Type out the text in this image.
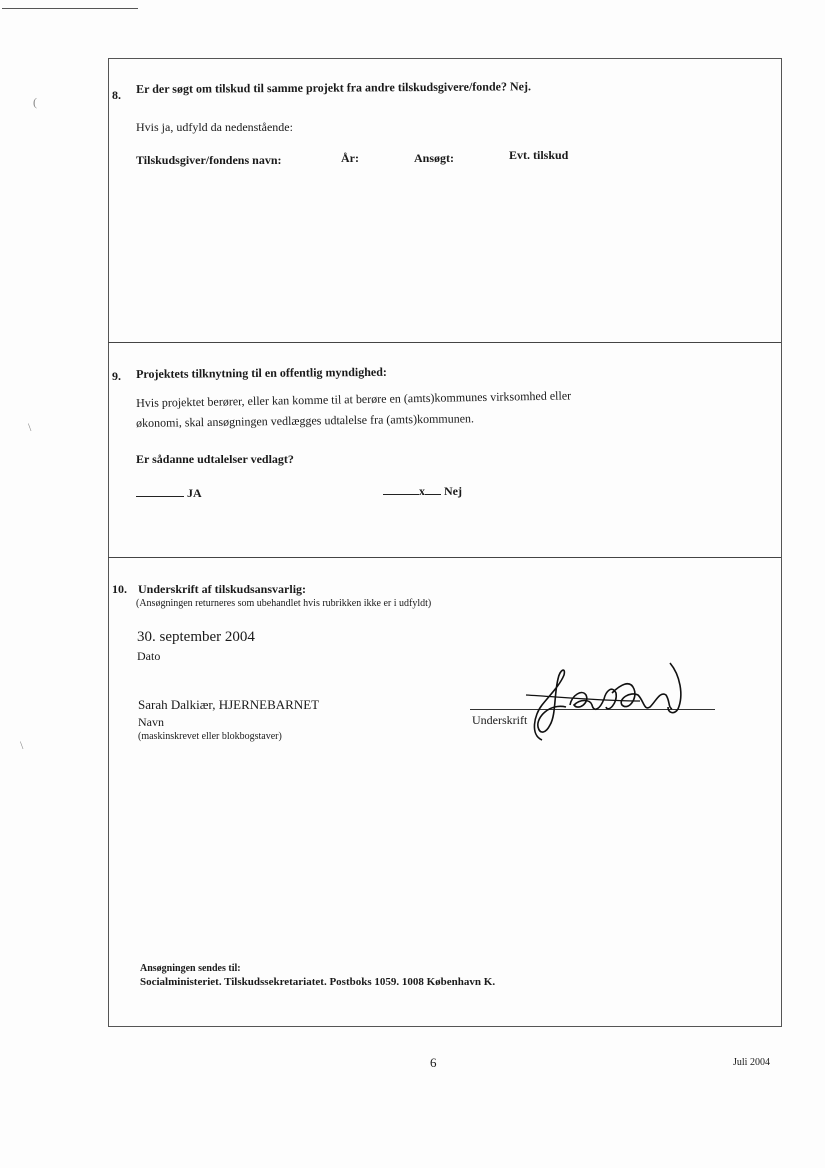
(
\
\
8. Er der søgt om tilskud til samme projekt fra andre tilskudsgivere/fonde? Nej.
Hvis ja, udfyld da nedenstående:
Tilskudsgiver/fondens navn:	År:	Ansøgt:	Evt. tilskud
9. Projektets tilknytning til en offentlig myndighed:
Hvis projektet berører, eller kan komme til at berøre en (amts)kommunes virksomhed eller
økonomi, skal ansøgningen vedlægges udtalelse fra (amts)kommunen.
Er sådanne udtalelser vedlagt?
JA	x Nej
10. Underskrift af tilskudsansvarlig:
(Ansøgningen returneres som ubehandlet hvis rubrikken ikke er i udfyldt)
30. september 2004
Dato
Sarah Dalkiær, HJERNEBARNET
Navn
(maskinskrevet eller blokbogstaver)
Underskrift
Ansøgningen sendes til:
Socialministeriet. Tilskudssekretariatet. Postboks 1059. 1008 København K.
6	Juli 2004
